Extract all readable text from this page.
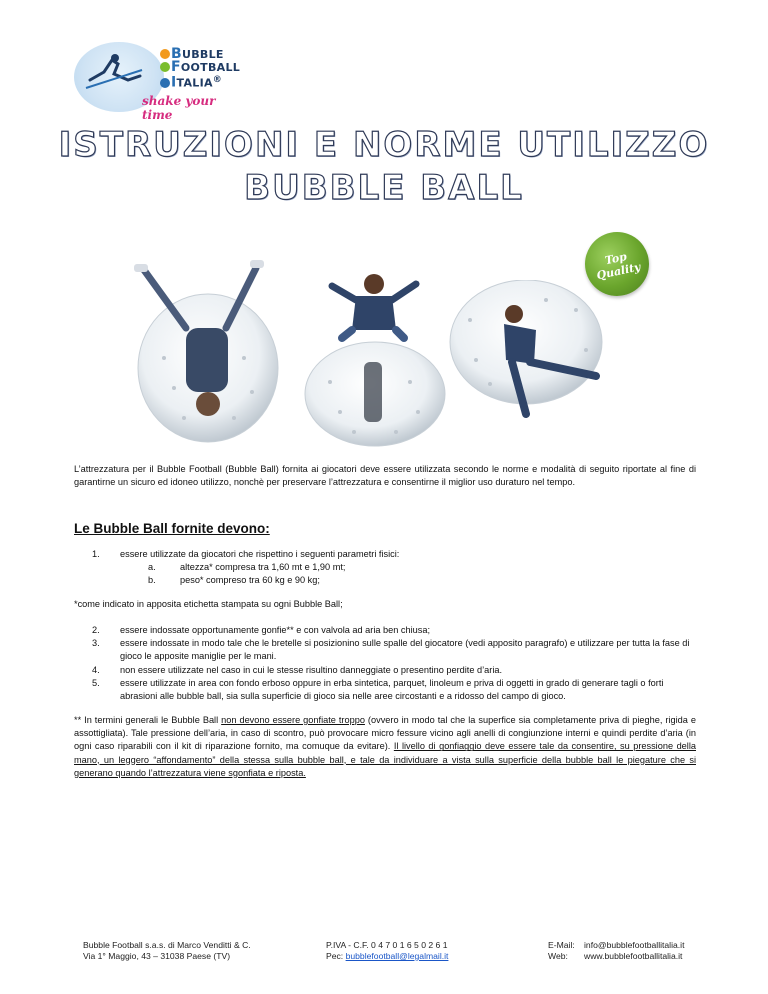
BUBBLE
FOOTBALL
ITALIA®
shake your time
ISTRUZIONI E NORME UTILIZZO
BUBBLE BALL
Top Quality
L’attrezzatura per il Bubble Football (Bubble Ball) fornita ai giocatori deve essere utilizzata secondo le norme e modalità di seguito riportate al fine di garantirne un sicuro ed idoneo utilizzo, nonchè per preservare l’attrezzatura e consentirne il miglior uso duraturo nel tempo.
Le Bubble Ball fornite devono:
1.	essere utilizzate da giocatori che rispettino i seguenti parametri fisici:
a.	altezza* compresa tra 1,60 mt e 1,90 mt;
b.	peso* compreso tra 60 kg e 90 kg;
*come indicato in apposita etichetta stampata su ogni Bubble Ball;
2.	essere indossate opportunamente gonfie** e con valvola ad aria ben chiusa;
3.	essere indossate in modo tale che le bretelle si posizionino sulle spalle del giocatore (vedi apposito paragrafo) e utilizzare per tutta la fase di gioco le apposite maniglie per le mani.
4.	non essere utilizzate nel caso in cui le stesse risultino danneggiate o presentino perdite d’aria.
5.	essere utilizzate in area con fondo erboso oppure in erba sintetica, parquet, linoleum e priva di oggetti in grado di generare tagli o forti abrasioni alle bubble ball, sia sulla superficie di gioco sia nelle aree circostanti e a ridosso del campo di gioco.
** In termini generali le Bubble Ball non devono essere gonfiate troppo (ovvero in modo tal che la superfice sia completamente priva di pieghe, rigida e assottigliata). Tale pressione dell’aria, in caso di scontro, può provocare micro fessure vicino agli anelli di congiunzione interni e quindi perdite d’aria (in ogni caso riparabili con il kit di riparazione fornito, ma comuque da evitare). Il livello di gonfiaggio deve essere tale da consentire, su pressione della mano, un leggero “affondamento” della stessa sulla bubble ball, e tale da individuare a vista sulla superficie della bubble ball le piegature che si generano quando l’attrezzatura viene sgonfiata e riposta.
Bubble Football s.a.s. di Marco Venditti & C.
Via 1° Maggio, 43 – 31038 Paese (TV)
P.IVA - C.F. 0 4 7 0 1 6 5 0 2 6 1
Pec: bubblefootball@legalmail.it
E-Mail: info@bubblefootballitalia.it
Web: www.bubblefootballitalia.it
